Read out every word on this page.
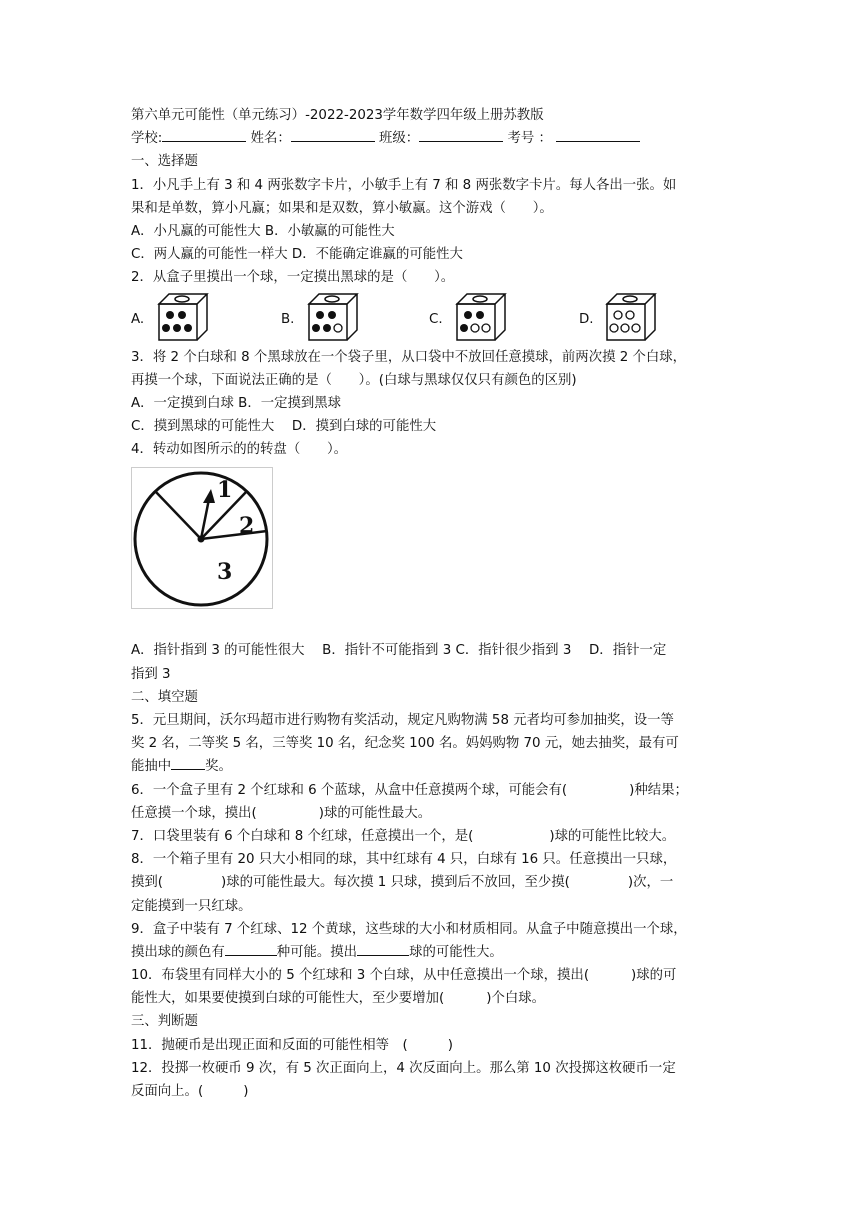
第六单元可能性（单元练习）-2022-2023学年数学四年级上册苏教版
学校:	姓名：	班级：	考号 ：
一、选择题
1．小凡手上有 3 和 4 两张数字卡片，小敏手上有 7 和 8 两张数字卡片。每人各出一张。如
果和是单数，算小凡赢；如果和是双数，算小敏赢。这个游戏（　　）。
A．小凡赢的可能性大 B．小敏赢的可能性大
C．两人赢的可能性一样大 D．不能确定谁赢的可能性大
2．从盒子里摸出一个球，一定摸出黑球的是（　　）。
A.	B.	C.	D.
3．将 2 个白球和 8 个黑球放在一个袋子里，从口袋中不放回任意摸球，前两次摸 2 个白球，
再摸一个球，下面说法正确的是（　　）。(白球与黑球仅仅只有颜色的区别)
A．一定摸到白球 B．一定摸到黑球
C．摸到黑球的可能性大　 D．摸到白球的可能性大
4．转动如图所示的的转盘（　　）。
1
2
3
A．指针指到 3 的可能性很大　 B．指针不可能指到 3 C．指针很少指到 3　 D．指针一定
指到 3
二、填空题
5．元旦期间，沃尔玛超市进行购物有奖活动，规定凡购物满 58 元者均可参加抽奖，设一等
奖 2 名，二等奖 5 名，三等奖 10 名，纪念奖 100 名。妈妈购物 70 元，她去抽奖，最有可
能抽中	奖。
6．一个盒子里有 2 个红球和 6 个蓝球，从盒中任意摸两个球，可能会有(	)种结果；
任意摸一个球，摸出(	)球的可能性最大。
7．口袋里装有 6 个白球和 8 个红球，任意摸出一个，是(	)球的可能性比较大。
8．一个箱子里有 20 只大小相同的球，其中红球有 4 只，白球有 16 只。任意摸出一只球，
摸到(	)球的可能性最大。每次摸 1 只球，摸到后不放回，至少摸(	)次，一
定能摸到一只红球。
9．盒子中装有 7 个红球、12 个黄球，这些球的大小和材质相同。从盒子中随意摸出一个球，
摸出球的颜色有	种可能。摸出	球的可能性大。
10．布袋里有同样大小的 5 个红球和 3 个白球，从中任意摸出一个球，摸出(	)球的可
能性大，如果要使摸到白球的可能性大，至少要增加(	)个白球。
三、判断题
11．抛硬币是出现正面和反面的可能性相等　(	)
12．投掷一枚硬币 9 次，有 5 次正面向上，4 次反面向上。那么第 10 次投掷这枚硬币一定
反面向上。(	)
